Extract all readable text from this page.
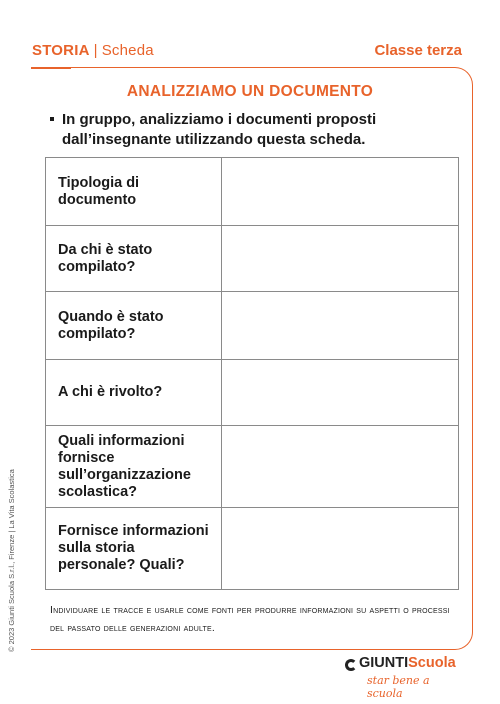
STORIA | Scheda	Classe terza
ANALIZZIAMO UN DOCUMENTO
In gruppo, analizziamo i documenti proposti dall’insegnante utilizzando questa scheda.
Tipologia di documento	
Da chi è stato compilato?	
Quando è stato compilato?	
A chi è rivolto?	
Quali informazioni fornisce sull’organizzazione scolastica?	
Fornisce informazioni sulla storia personale? Quali?	
Individuare le tracce e usarle come fonti per produrre informazioni su aspetti o processi del passato delle generazioni adulte.
© 2023 Giunti Scuola S.r.l., Firenze | La Vita Scolastica
GIUNTIScuola
star bene a scuola
